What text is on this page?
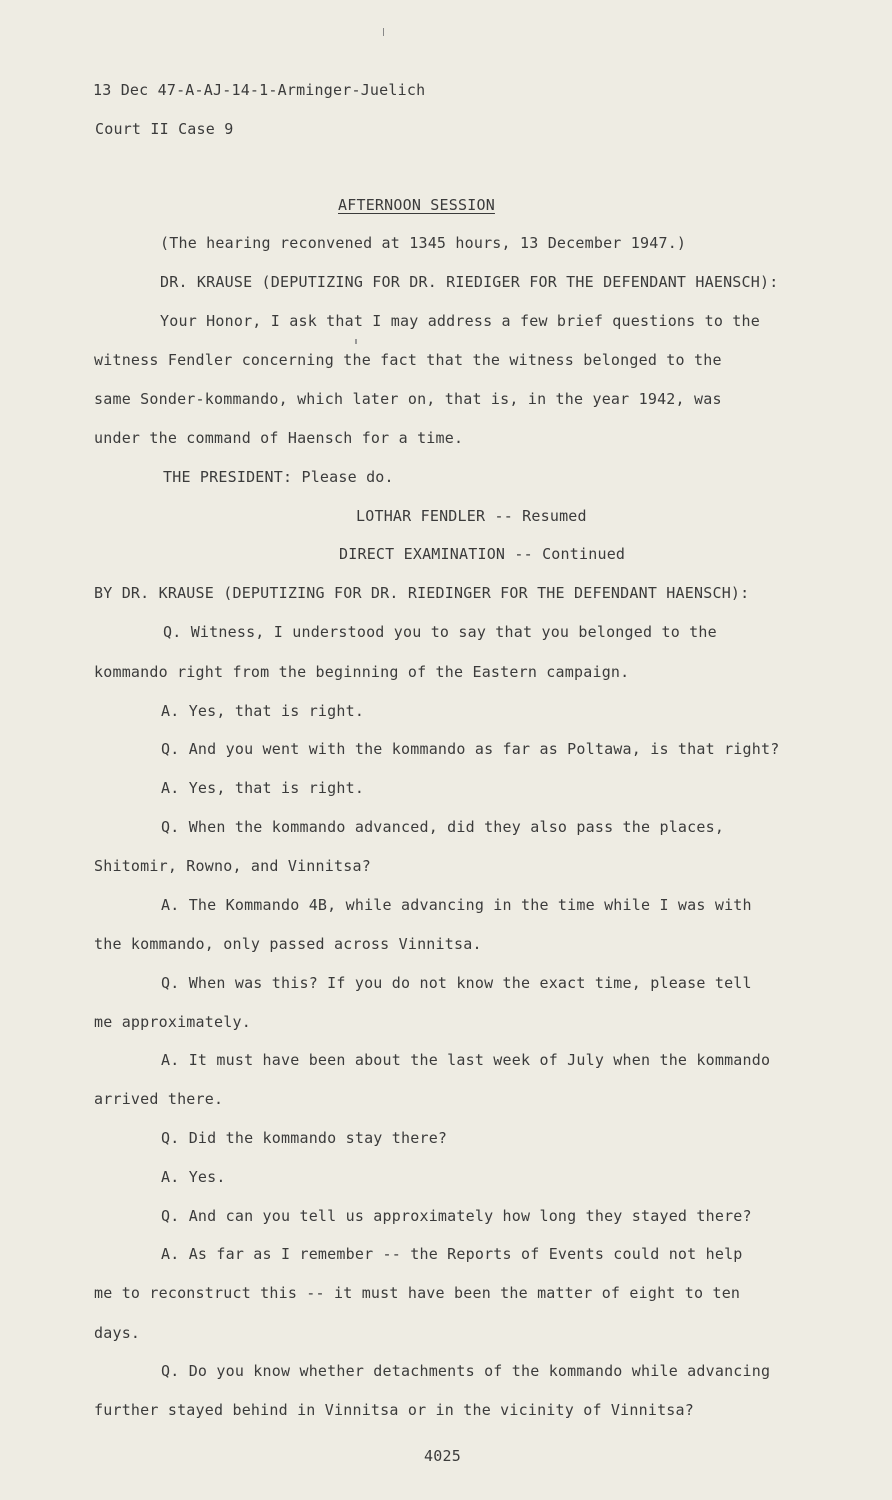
13 Dec 47-A-AJ-14-1-Arminger-Juelich
Court II Case 9
AFTERNOON SESSION
(The hearing reconvened at 1345 hours, 13 December 1947.)
DR. KRAUSE (DEPUTIZING FOR DR. RIEDIGER FOR THE DEFENDANT HAENSCH):
Your Honor, I ask that I may address a few brief questions to the
witness Fendler concerning the fact that the witness belonged to the
same Sonder-kommando, which later on, that is, in the year 1942, was
under the command of Haensch for a time.
THE PRESIDENT: Please do.
LOTHAR FENDLER -- Resumed
DIRECT EXAMINATION -- Continued
BY DR. KRAUSE (DEPUTIZING FOR DR. RIEDINGER FOR THE DEFENDANT HAENSCH):
Q. Witness, I understood you to say that you belonged to the
kommando right from the beginning of the Eastern campaign.
A. Yes, that is right.
Q. And you went with the kommando as far as Poltawa, is that right?
A. Yes, that is right.
Q. When the kommando advanced, did they also pass the places,
Shitomir, Rowno, and Vinnitsa?
A. The Kommando 4B, while advancing in the time while I was with
the kommando, only passed across Vinnitsa.
Q. When was this? If you do not know the exact time, please tell
me approximately.
A. It must have been about the last week of July when the kommando
arrived there.
Q. Did the kommando stay there?
A. Yes.
Q. And can you tell us approximately how long they stayed there?
A. As far as I remember -- the Reports of Events could not help
me to reconstruct this -- it must have been the matter of eight to ten
days.
Q. Do you know whether detachments of the kommando while advancing
further stayed behind in Vinnitsa or in the vicinity of Vinnitsa?
4025
